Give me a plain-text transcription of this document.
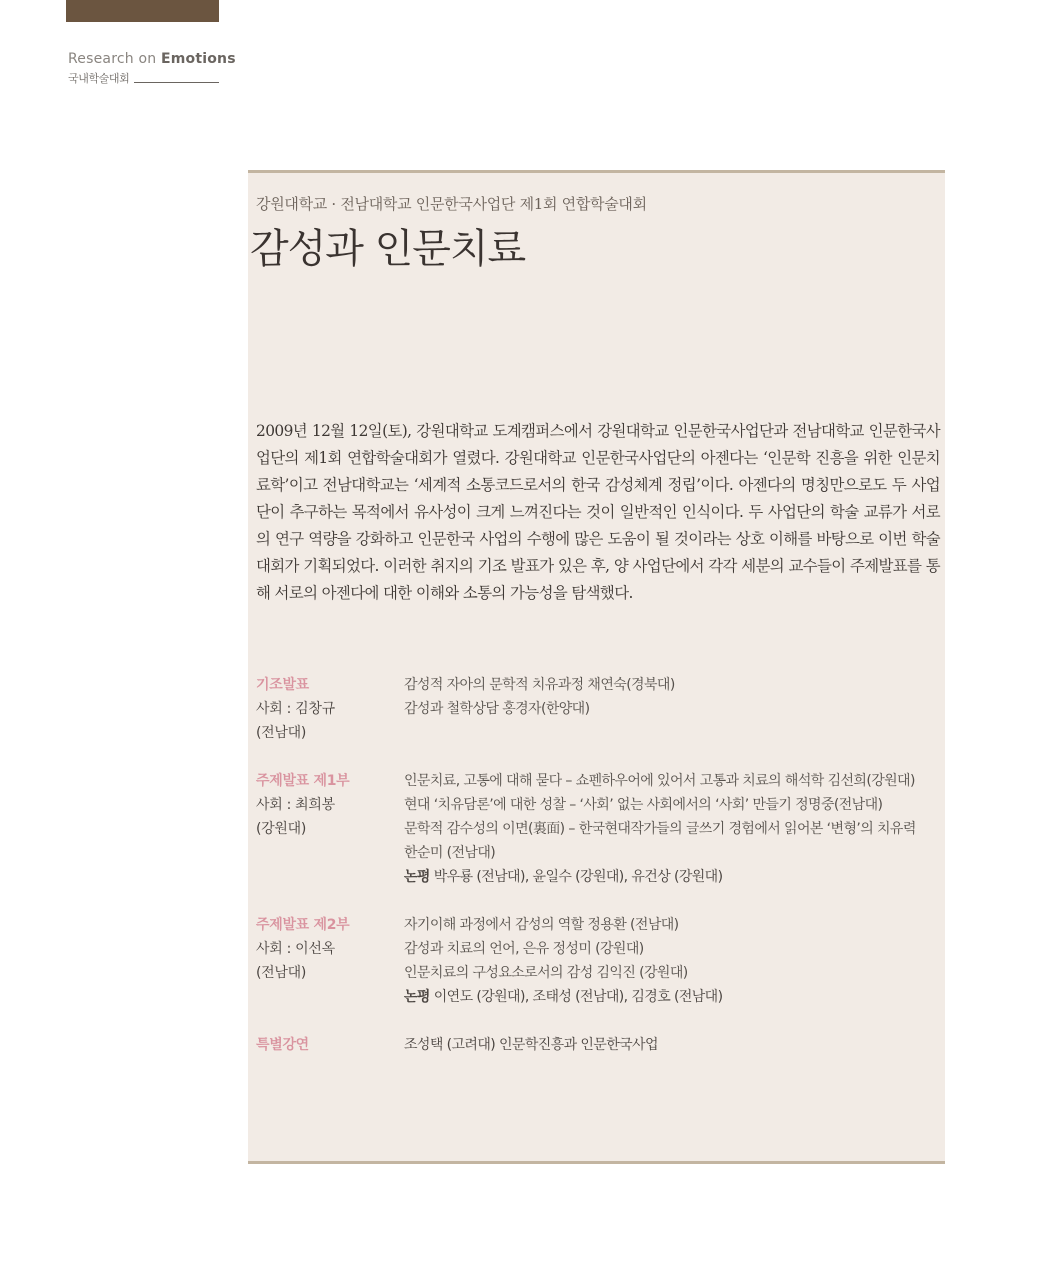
Research on Emotions
국내학술대회
강원대학교 · 전남대학교 인문한국사업단 제1회 연합학술대회
감성과 인문치료

2009년 12월 12일(토), 강원대학교 도계캠퍼스에서 강원대학교 인문한국사업단과 전남대학교 인문한국사업단의 제1회 연합학술대회가 열렸다. 강원대학교 인문한국사업단의 아젠다는 ‘인문학 진흥을 위한 인문치료학’이고 전남대학교는 ‘세계적 소통코드로서의 한국 감성체계 정립’이다. 아젠다의 명칭만으로도 두 사업단이 추구하는 목적에서 유사성이 크게 느껴진다는 것이 일반적인 인식이다. 두 사업단의 학술 교류가 서로의 연구 역량을 강화하고 인문한국 사업의 수행에 많은 도움이 될 것이라는 상호 이해를 바탕으로 이번 학술대회가 기획되었다. 이러한 취지의 기조 발표가 있은 후, 양 사업단에서 각각 세분의 교수들이 주제발표를 통해 서로의 아젠다에 대한 이해와 소통의 가능성을 탐색했다.

기조발표
사회 : 김창규
(전남대)
감성적 자아의 문학적 치유과정 채연숙(경북대)
감성과 철학상담 홍경자(한양대)
주제발표 제1부
사회 : 최희봉
(강원대)
인문치료, 고통에 대해 묻다 – 쇼펜하우어에 있어서 고통과 치료의 해석학 김선희(강원대)
현대 ‘치유담론’에 대한 성찰 – ‘사회’ 없는 사회에서의 ‘사회’ 만들기 정명중(전남대)
문학적 감수성의 이면(裏面) – 한국현대작가들의 글쓰기 경험에서 읽어본 ‘변형’의 치유력
한순미 (전남대)
논평 박우룡 (전남대), 윤일수 (강원대), 유건상 (강원대)
주제발표 제2부
사회 : 이선옥
(전남대)
자기이해 과정에서 감성의 역할 정용환 (전남대)
감성과 치료의 언어, 은유 정성미 (강원대)
인문치료의 구성요소로서의 감성 김익진 (강원대)
논평 이연도 (강원대), 조태성 (전남대), 김경호 (전남대)
특별강연	조성택 (고려대) 인문학진흥과 인문한국사업
